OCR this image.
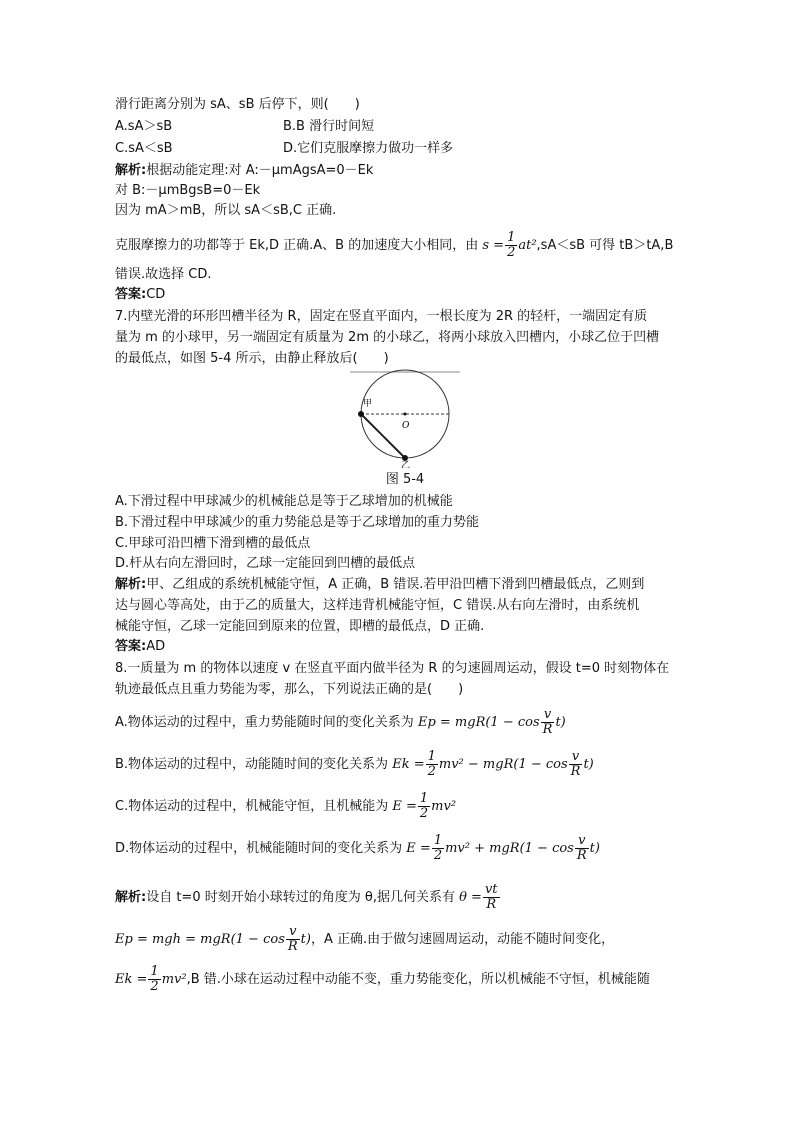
滑行距离分别为 sA、sB 后停下，则(　　)
A.sA＞sB	B.B 滑行时间短
C.sA＜sB	D.它们克服摩擦力做功一样多
解析:根据动能定理:对 A:－μmAgsA=0－Ek
对 B:－μmBgsB=0－Ek
因为 mA＞mB，所以 sA＜sB,C 正确.
克服摩擦力的功都等于 Ek,D 正确.A、B 的加速度大小相同，由 $s = \frac{1}{2} at^2,sA<sB$ 可得 tB＞tA,B
错误.故选择 CD.
答案:CD
7.内壁光滑的环形凹槽半径为 R，固定在竖直平面内，一根长度为 2R 的轻杆，一端固定有质
量为 m 的小球甲，另一端固定有质量为 2m 的小球乙，将两小球放入凹槽内，小球乙位于凹槽
的最低点，如图 5-4 所示，由静止释放后(　　)
甲
O
乙
图 5-4
A.下滑过程中甲球减少的机械能总是等于乙球增加的机械能
B.下滑过程中甲球减少的重力势能总是等于乙球增加的重力势能
C.甲球可沿凹槽下滑到槽的最低点
D.杆从右向左滑回时，乙球一定能回到凹槽的最低点
解析:甲、乙组成的系统机械能守恒，A 正确，B 错误.若甲沿凹槽下滑到凹槽最低点，乙则到
达与圆心等高处，由于乙的质量大，这样违背机械能守恒，C 错误.从右向左滑时，由系统机
械能守恒，乙球一定能回到原来的位置，即槽的最低点，D 正确.
答案:AD
8.一质量为 m 的物体以速度 v 在竖直平面内做半径为 R 的匀速圆周运动，假设 t=0 时刻物体在
轨迹最低点且重力势能为零，那么，下列说法正确的是(　　)
A.物体运动的过程中，重力势能随时间的变化关系为 $Ep = mgR(1 - \cos \frac{v}{R} t)$
B.物体运动的过程中，动能随时间的变化关系为 $Ek = \frac{1}{2} mv^2 - mgR(1 - \cos \frac{v}{R} t)$
C.物体运动的过程中，机械能守恒，且机械能为 $E = \frac{1}{2} mv^2$
D.物体运动的过程中，机械能随时间的变化关系为 $E = \frac{1}{2} mv^2 + mgR(1 - \cos \frac{v}{R} t)$
解析:设自 t=0 时刻开始小球转过的角度为 θ,据几何关系有 $\theta = \frac{vt}{R}$
Ep = mgh = $mgR(1 - \cos \frac{v}{R} t)$，A 正确.由于做匀速圆周运动，动能不随时间变化，
$Ek = \frac{1}{2} mv^2,B$ 错.小球在运动过程中动能不变，重力势能变化，所以机械能不守恒，机械能随
